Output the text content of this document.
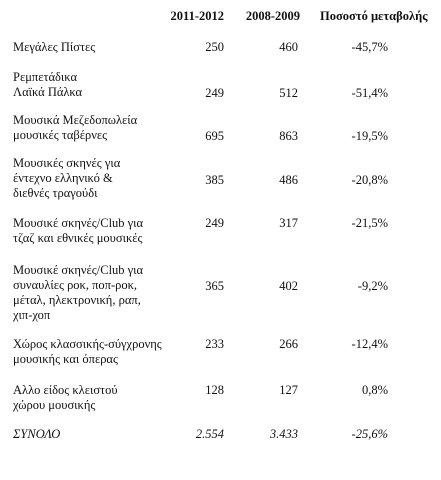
2011-2012	2008-2009 Ποσοστό μεταβολής
Μεγάλες Πίστες	250	460	-45,7%
Ρεμπετάδικα
Λαϊκά Πάλκα	249	512	-51,4%
Μουσικά Μεζεδοπωλεία
μουσικές ταβέρνες	695	863	-19,5%
Μουσικές σκηνές για
έντεχνο ελληνικό &
διεθνές τραγούδι
385	486	-20,8%
Μουσικέ σκηνές/Club για
τζαζ και εθνικές μουσικές
249	317	-21,5%
Μουσικέ σκηνές/Club για
συναυλίες ροκ, ποπ-ροκ,
μέταλ, ηλεκτρονική, ραπ,
χιπ-χοπ
365	402	-9,2%
Χώρος κλασσικής-σύγχρονης
μουσικής και όπερας
233	266	-12,4%
Αλλο είδος κλειστού
χώρου μουσικής
128	127	0,8%
ΣΥΝΟΛΟ	2.554	3.433	-25,6%
